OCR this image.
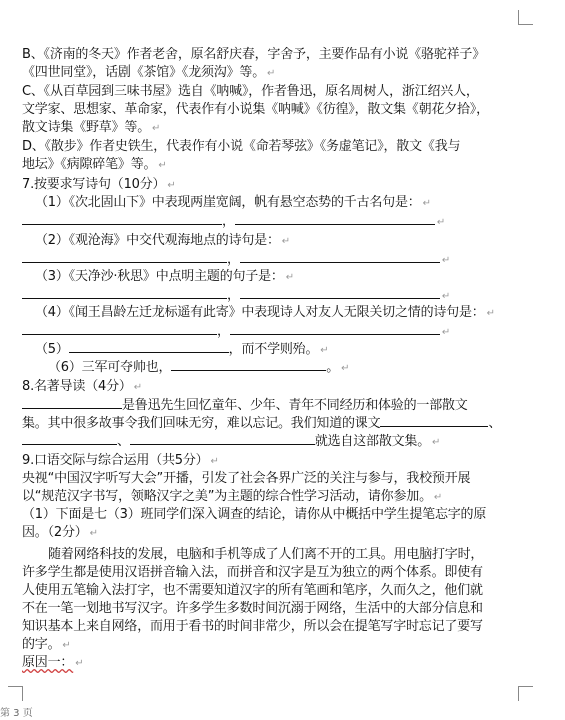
B、《济南的冬天》作者老舍，原名舒庆春，字舍予，主要作品有小说《骆驼祥子》
《四世同堂》，话剧《茶馆》《龙须沟》等。 ↵
C、《从百草园到三味书屋》选自《呐喊》，作者鲁迅，原名周树人，浙江绍兴人，
文学家、思想家、革命家，代表作有小说集《呐喊》《彷徨》，散文集《朝花夕拾》，
散文诗集《野草》等。 ↵
D、《散步》作者史铁生，代表作有小说《命若琴弦》《务虚笔记》，散文《我与
地坛》《病隙碎笔》等。 ↵
7.按要求写诗句（10分） ↵
（1）《次北固山下》中表现两崖宽阔，帆有悬空态势的千古名句是： ↵
，	↵
（2）《观沧海》中交代观海地点的诗句是： ↵
，	↵
（3）《天净沙·秋思》中点明主题的句子是： ↵
，	↵
（4）《闻王昌龄左迁龙标遥有此寄》中表现诗人对友人无限关切之情的诗句是： ↵
，	↵
（5）	，而不学则殆。 ↵
（6）三军可夺帅也，	。 ↵
8.名著导读（4分） ↵
是鲁迅先生回忆童年、少年、青年不同经历和体验的一部散文
集。其中很多故事令我们回味无穷，难以忘记。我们知道的课文	、
、	就选自这部散文集。 ↵
9.口语交际与综合运用（共5分） ↵
央视“中国汉字听写大会”开播，引发了社会各界广泛的关注与参与，我校预开展
以“规范汉字书写，领略汉字之美”为主题的综合性学习活动，请你参加。 ↵
（1）下面是七（3）班同学们深入调查的结论，请你从中概括中学生提笔忘字的原
因。（2分） ↵
随着网络科技的发展，电脑和手机等成了人们离不开的工具。用电脑打字时，
许多学生都是使用汉语拼音输入法，而拼音和汉字是互为独立的两个体系。即使有
人使用五笔输入法打字，也不需要知道汉字的所有笔画和笔序，久而久之，他们就
不在一笔一划地书写汉字。许多学生多数时间沉溺于网络，生活中的大部分信息和
知识基本上来自网络，而用于看书的时间非常少，所以会在提笔写字时忘记了要写
的字。 ↵
原因一： ↵
第 3 页
